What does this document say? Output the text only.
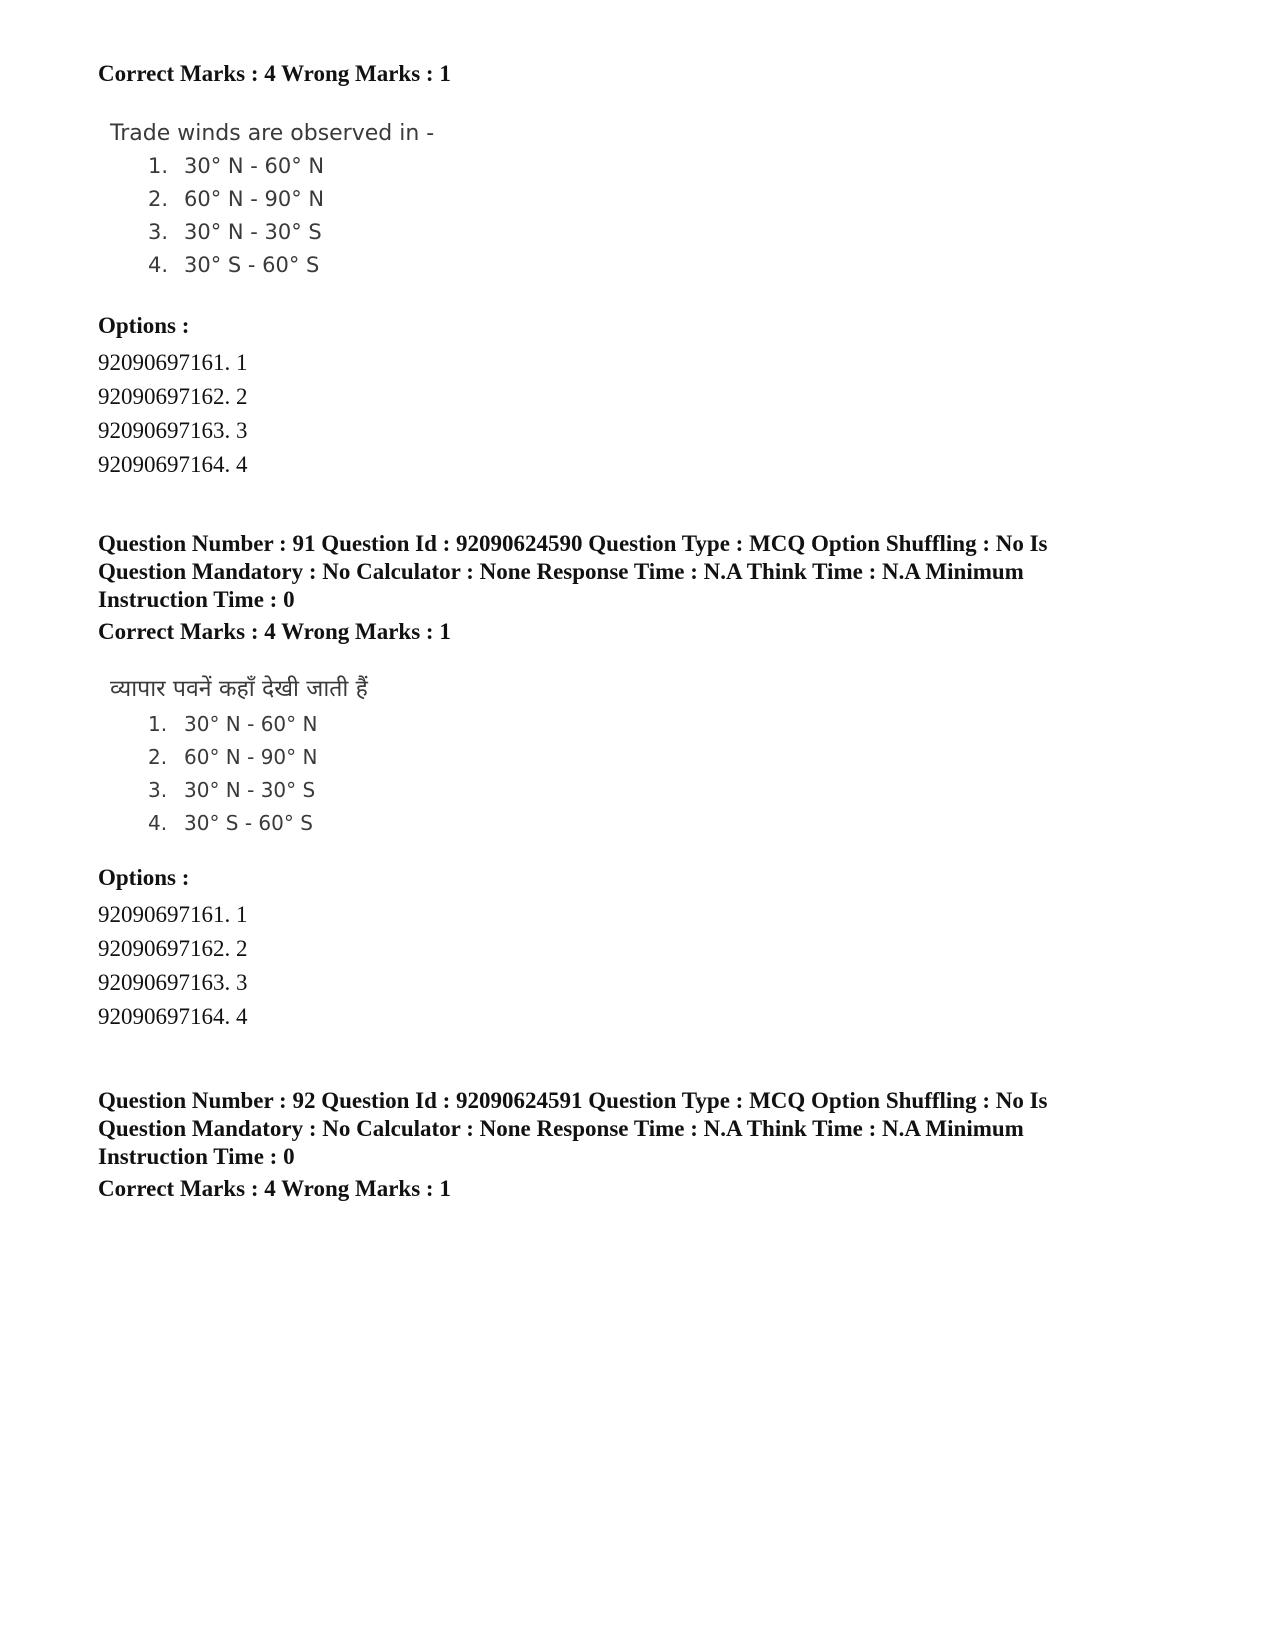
Correct Marks : 4 Wrong Marks : 1
Trade winds are observed in -
1. 30° N - 60° N
2. 60° N - 90° N
3. 30° N - 30° S
4. 30° S - 60° S
Options :
92090697161. 1
92090697162. 2
92090697163. 3
92090697164. 4
Question Number : 91 Question Id : 92090624590 Question Type : MCQ Option Shuffling : No Is
Question Mandatory : No Calculator : None Response Time : N.A Think Time : N.A Minimum
Instruction Time : 0
Correct Marks : 4 Wrong Marks : 1
व्यापार पवनें कहाँ देखी जाती हैं
1. 30° N - 60° N
2. 60° N - 90° N
3. 30° N - 30° S
4. 30° S - 60° S
Options :
92090697161. 1
92090697162. 2
92090697163. 3
92090697164. 4
Question Number : 92 Question Id : 92090624591 Question Type : MCQ Option Shuffling : No Is
Question Mandatory : No Calculator : None Response Time : N.A Think Time : N.A Minimum
Instruction Time : 0
Correct Marks : 4 Wrong Marks : 1
